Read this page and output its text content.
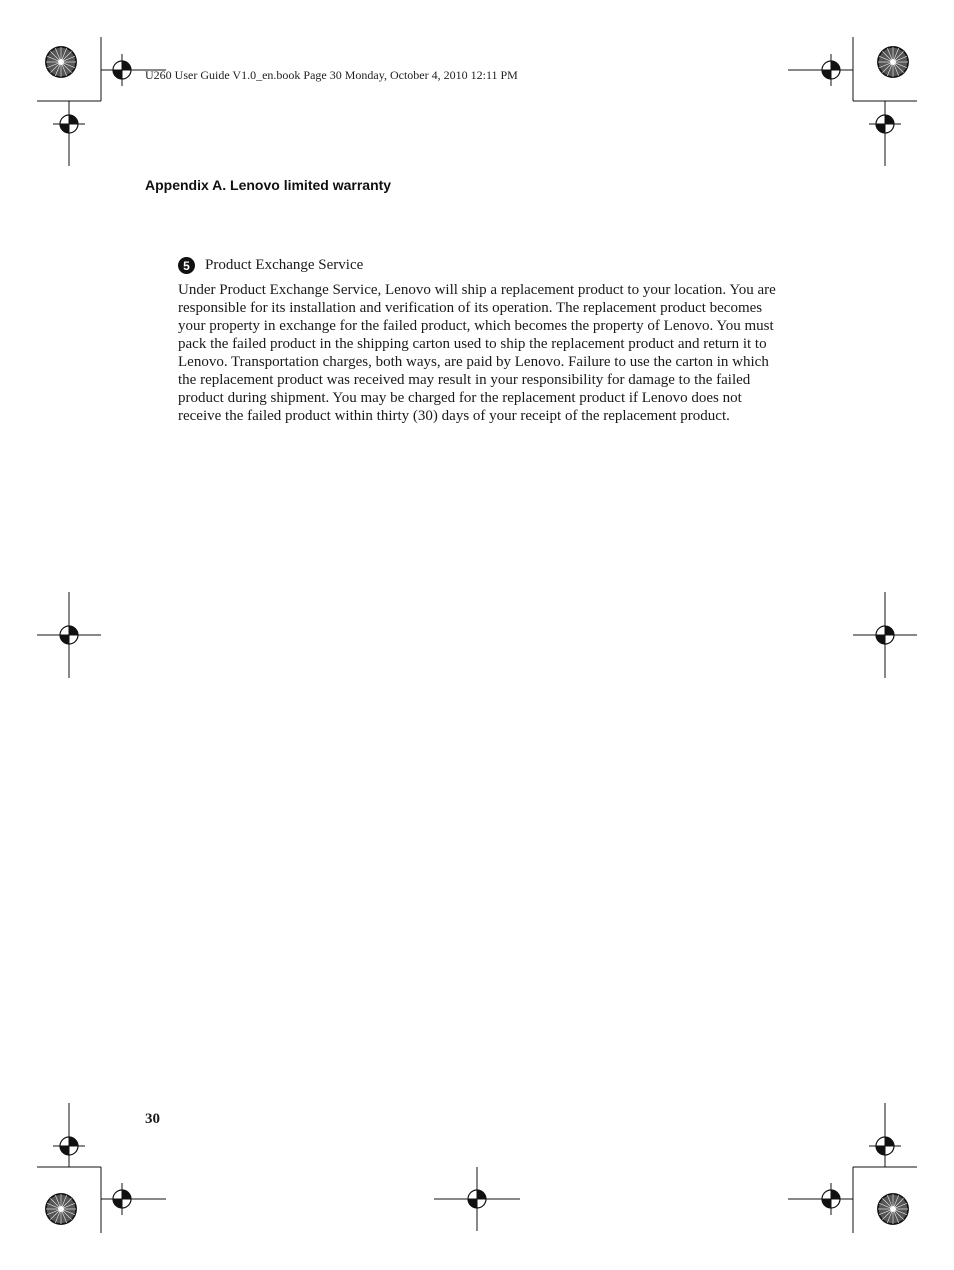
U260 User Guide V1.0_en.book Page 30 Monday, October 4, 2010 12:11 PM
Appendix A. Lenovo limited warranty

5	Product Exchange Service

Under Product Exchange Service, Lenovo will ship a replacement product to your location. You are responsible for its installation and verification of its operation. The replacement product becomes your property in exchange for the failed product, which becomes the property of Lenovo. You must pack the failed product in the shipping carton used to ship the replacement product and return it to Lenovo. Transportation charges, both ways, are paid by Lenovo. Failure to use the carton in which the replacement product was received may result in your responsibility for damage to the failed product during shipment. You may be charged for the replacement product if Lenovo does not receive the failed product within thirty (30) days of your receipt of the replacement product.

30
